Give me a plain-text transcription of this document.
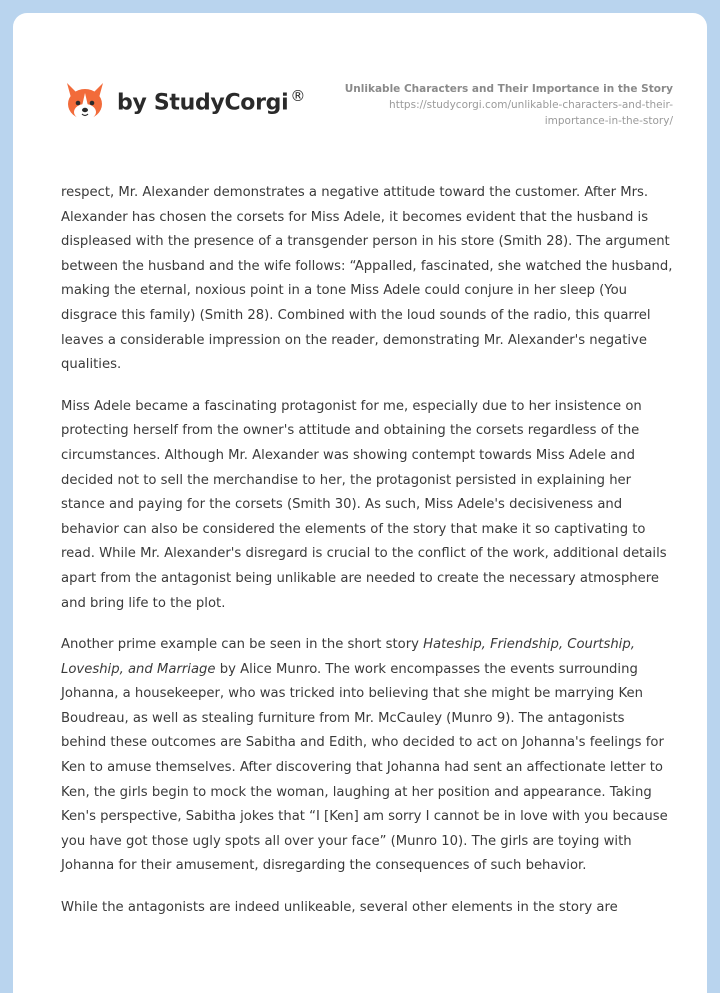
by StudyCorgi ®	Unlikable Characters and Their Importance in the Story
https://studycorgi.com/unlikable-characters-and-their-
importance-in-the-story/

respect, Mr. Alexander demonstrates a negative attitude toward the customer. After Mrs. Alexander has chosen the corsets for Miss Adele, it becomes evident that the husband is displeased with the presence of a transgender person in his store (Smith 28). The argument between the husband and the wife follows: “Appalled, fascinated, she watched the husband, making the eternal, noxious point in a tone Miss Adele could conjure in her sleep (You disgrace this family) (Smith 28). Combined with the loud sounds of the radio, this quarrel leaves a considerable impression on the reader, demonstrating Mr. Alexander's negative qualities.

Miss Adele became a fascinating protagonist for me, especially due to her insistence on protecting herself from the owner's attitude and obtaining the corsets regardless of the circumstances. Although Mr. Alexander was showing contempt towards Miss Adele and decided not to sell the merchandise to her, the protagonist persisted in explaining her stance and paying for the corsets (Smith 30). As such, Miss Adele's decisiveness and behavior can also be considered the elements of the story that make it so captivating to read. While Mr. Alexander's disregard is crucial to the conflict of the work, additional details apart from the antagonist being unlikable are needed to create the necessary atmosphere and bring life to the plot.

Another prime example can be seen in the short story Hateship, Friendship, Courtship, Loveship, and Marriage by Alice Munro. The work encompasses the events surrounding Johanna, a housekeeper, who was tricked into believing that she might be marrying Ken Boudreau, as well as stealing furniture from Mr. McCauley (Munro 9). The antagonists behind these outcomes are Sabitha and Edith, who decided to act on Johanna's feelings for Ken to amuse themselves. After discovering that Johanna had sent an affectionate letter to Ken, the girls begin to mock the woman, laughing at her position and appearance. Taking Ken's perspective, Sabitha jokes that “I [Ken] am sorry I cannot be in love with you because you have got those ugly spots all over your face” (Munro 10). The girls are toying with Johanna for their amusement, disregarding the consequences of such behavior.

While the antagonists are indeed unlikeable, several other elements in the story are
